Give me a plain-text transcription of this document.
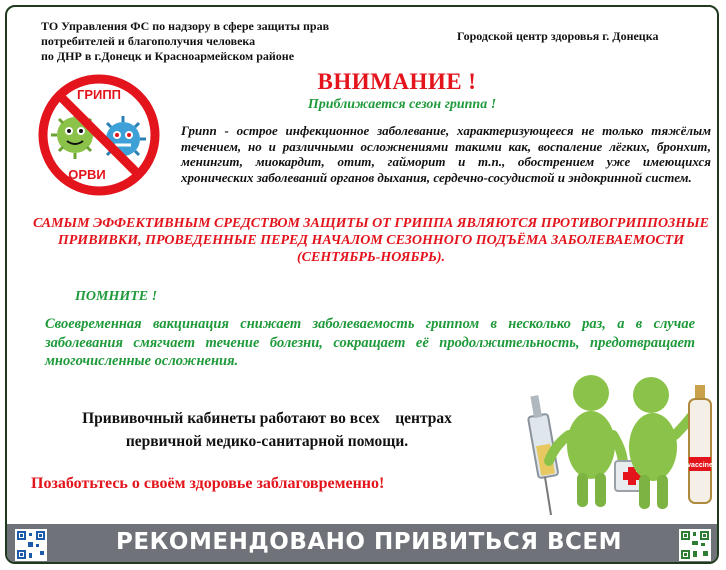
ТО Управления ФС по надзору в сфере защиты прав
потребителей и благополучия человека
по ДНР в г.Донецк и Красноармейском районе
Городской центр здоровья г. Донецка
ГРИПП
ОРВИ
ВНИМАНИЕ !
Приближается сезон гриппа !
Грипп - острое инфекционное заболевание, характеризующееся не только тяжёлым течением, но и различными осложнениями такими как, воспаление лёгких, бронхит, менингит, миокардит, отит, гайморит и т.п., обострением уже имеющихся хронических заболеваний органов дыхания, сердечно-сосудистой и эндокринной систем.
САМЫМ ЭФФЕКТИВНЫМ СРЕДСТВОМ ЗАЩИТЫ ОТ ГРИППА ЯВЛЯЮТСЯ ПРОТИВОГРИППОЗНЫЕ ПРИВИВКИ, ПРОВЕДЕННЫЕ ПЕРЕД НАЧАЛОМ СЕЗОННОГО ПОДЪЁМА ЗАБОЛЕВАЕМОСТИ (СЕНТЯБРЬ-НОЯБРЬ).
ПОМНИТЕ !
Своевременная вакцинация снижает заболеваемость гриппом в несколько раз, а в случае заболевания смягчает течение болезни, сокращает её продолжительность, предотвращает многочисленные осложнения.
Прививочный кабинеты работают во всех    центрах
первичной медико-санитарной помощи.
Позаботьтесь о своём здоровье заблаговременно!
vaccine
РЕКОМЕНДОВАНО ПРИВИТЬСЯ ВСЕМ
